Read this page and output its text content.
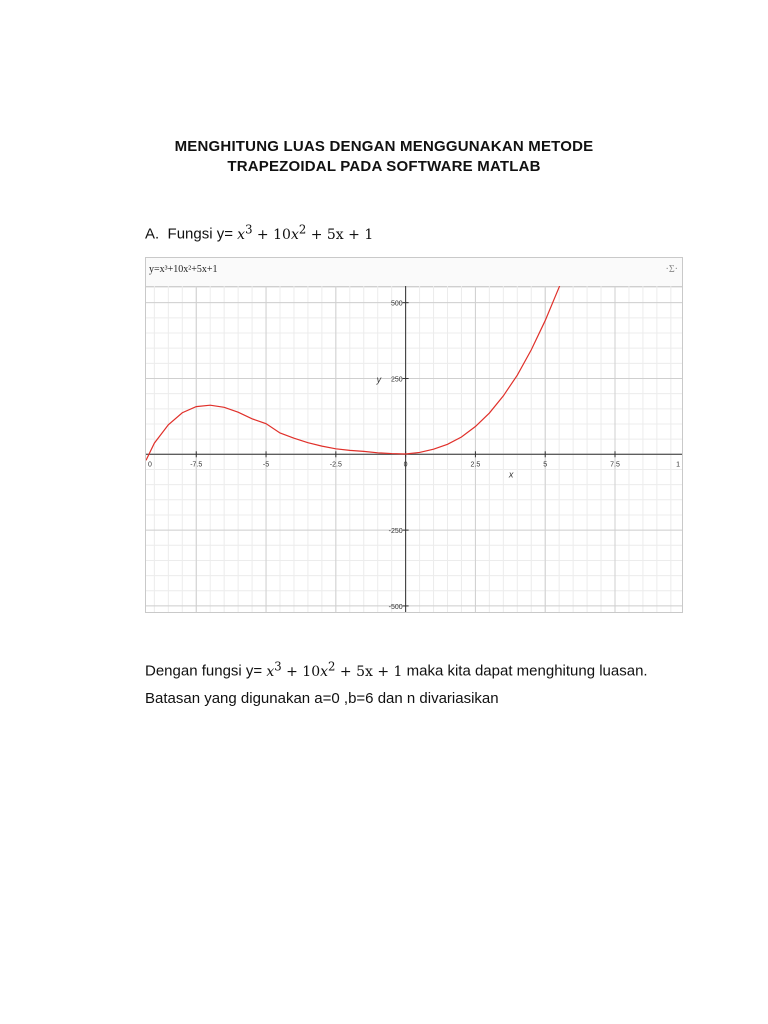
MENGHITUNG LUAS DENGAN MENGGUNAKAN METODE
TRAPEZOIDAL PADA SOFTWARE MATLAB
A. Fungsi $y= x^3 + 10x^2 + 5x + 1$
y=x³+10x²+5x+1	·Σ·
-7.5	-5	-2.5	0	2.5	5	7.5
0	1
500
250
-250
-500
x
y
Dengan fungsi $y= x^3 + 10x^2 + 5x + 1$ maka kita dapat menghitung luasan.
Batasan yang digunakan a=0 ,b=6 dan n divariasikan
